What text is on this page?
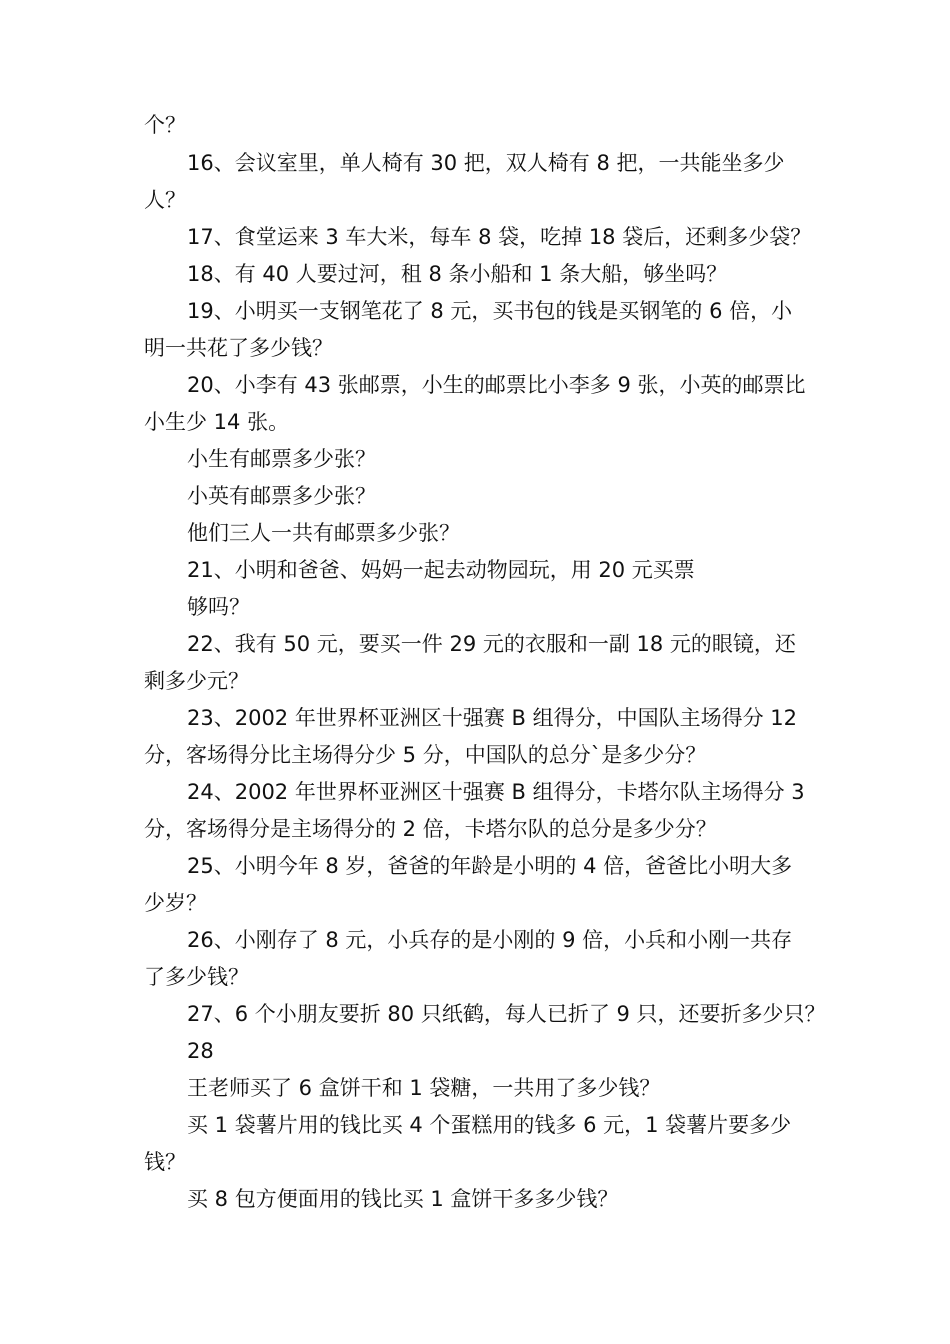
个？
16、会议室里，单人椅有 30 把，双人椅有 8 把，一共能坐多少
人？
17、食堂运来 3 车大米，每车 8 袋，吃掉 18 袋后，还剩多少袋？
18、有 40 人要过河，租 8 条小船和 1 条大船，够坐吗？
19、小明买一支钢笔花了 8 元，买书包的钱是买钢笔的 6 倍，小
明一共花了多少钱？
20、小李有 43 张邮票，小生的邮票比小李多 9 张，小英的邮票比
小生少 14 张。
小生有邮票多少张？
小英有邮票多少张？
他们三人一共有邮票多少张？
21、小明和爸爸、妈妈一起去动物园玩，用 20 元买票
够吗？
22、我有 50 元，要买一件 29 元的衣服和一副 18 元的眼镜，还
剩多少元？
23、2002 年世界杯亚洲区十强赛 B 组得分，中国队主场得分 12
分，客场得分比主场得分少 5 分，中国队的总分`是多少分？
24、2002 年世界杯亚洲区十强赛 B 组得分，卡塔尔队主场得分 3
分，客场得分是主场得分的 2 倍，卡塔尔队的总分是多少分？
25、小明今年 8 岁，爸爸的年龄是小明的 4 倍，爸爸比小明大多
少岁？
26、小刚存了 8 元，小兵存的是小刚的 9 倍，小兵和小刚一共存
了多少钱？
27、6 个小朋友要折 80 只纸鹤，每人已折了 9 只，还要折多少只？
28
王老师买了 6 盒饼干和 1 袋糖，一共用了多少钱？
买 1 袋薯片用的钱比买 4 个蛋糕用的钱多 6 元，1 袋薯片要多少
钱？
买 8 包方便面用的钱比买 1 盒饼干多多少钱？
